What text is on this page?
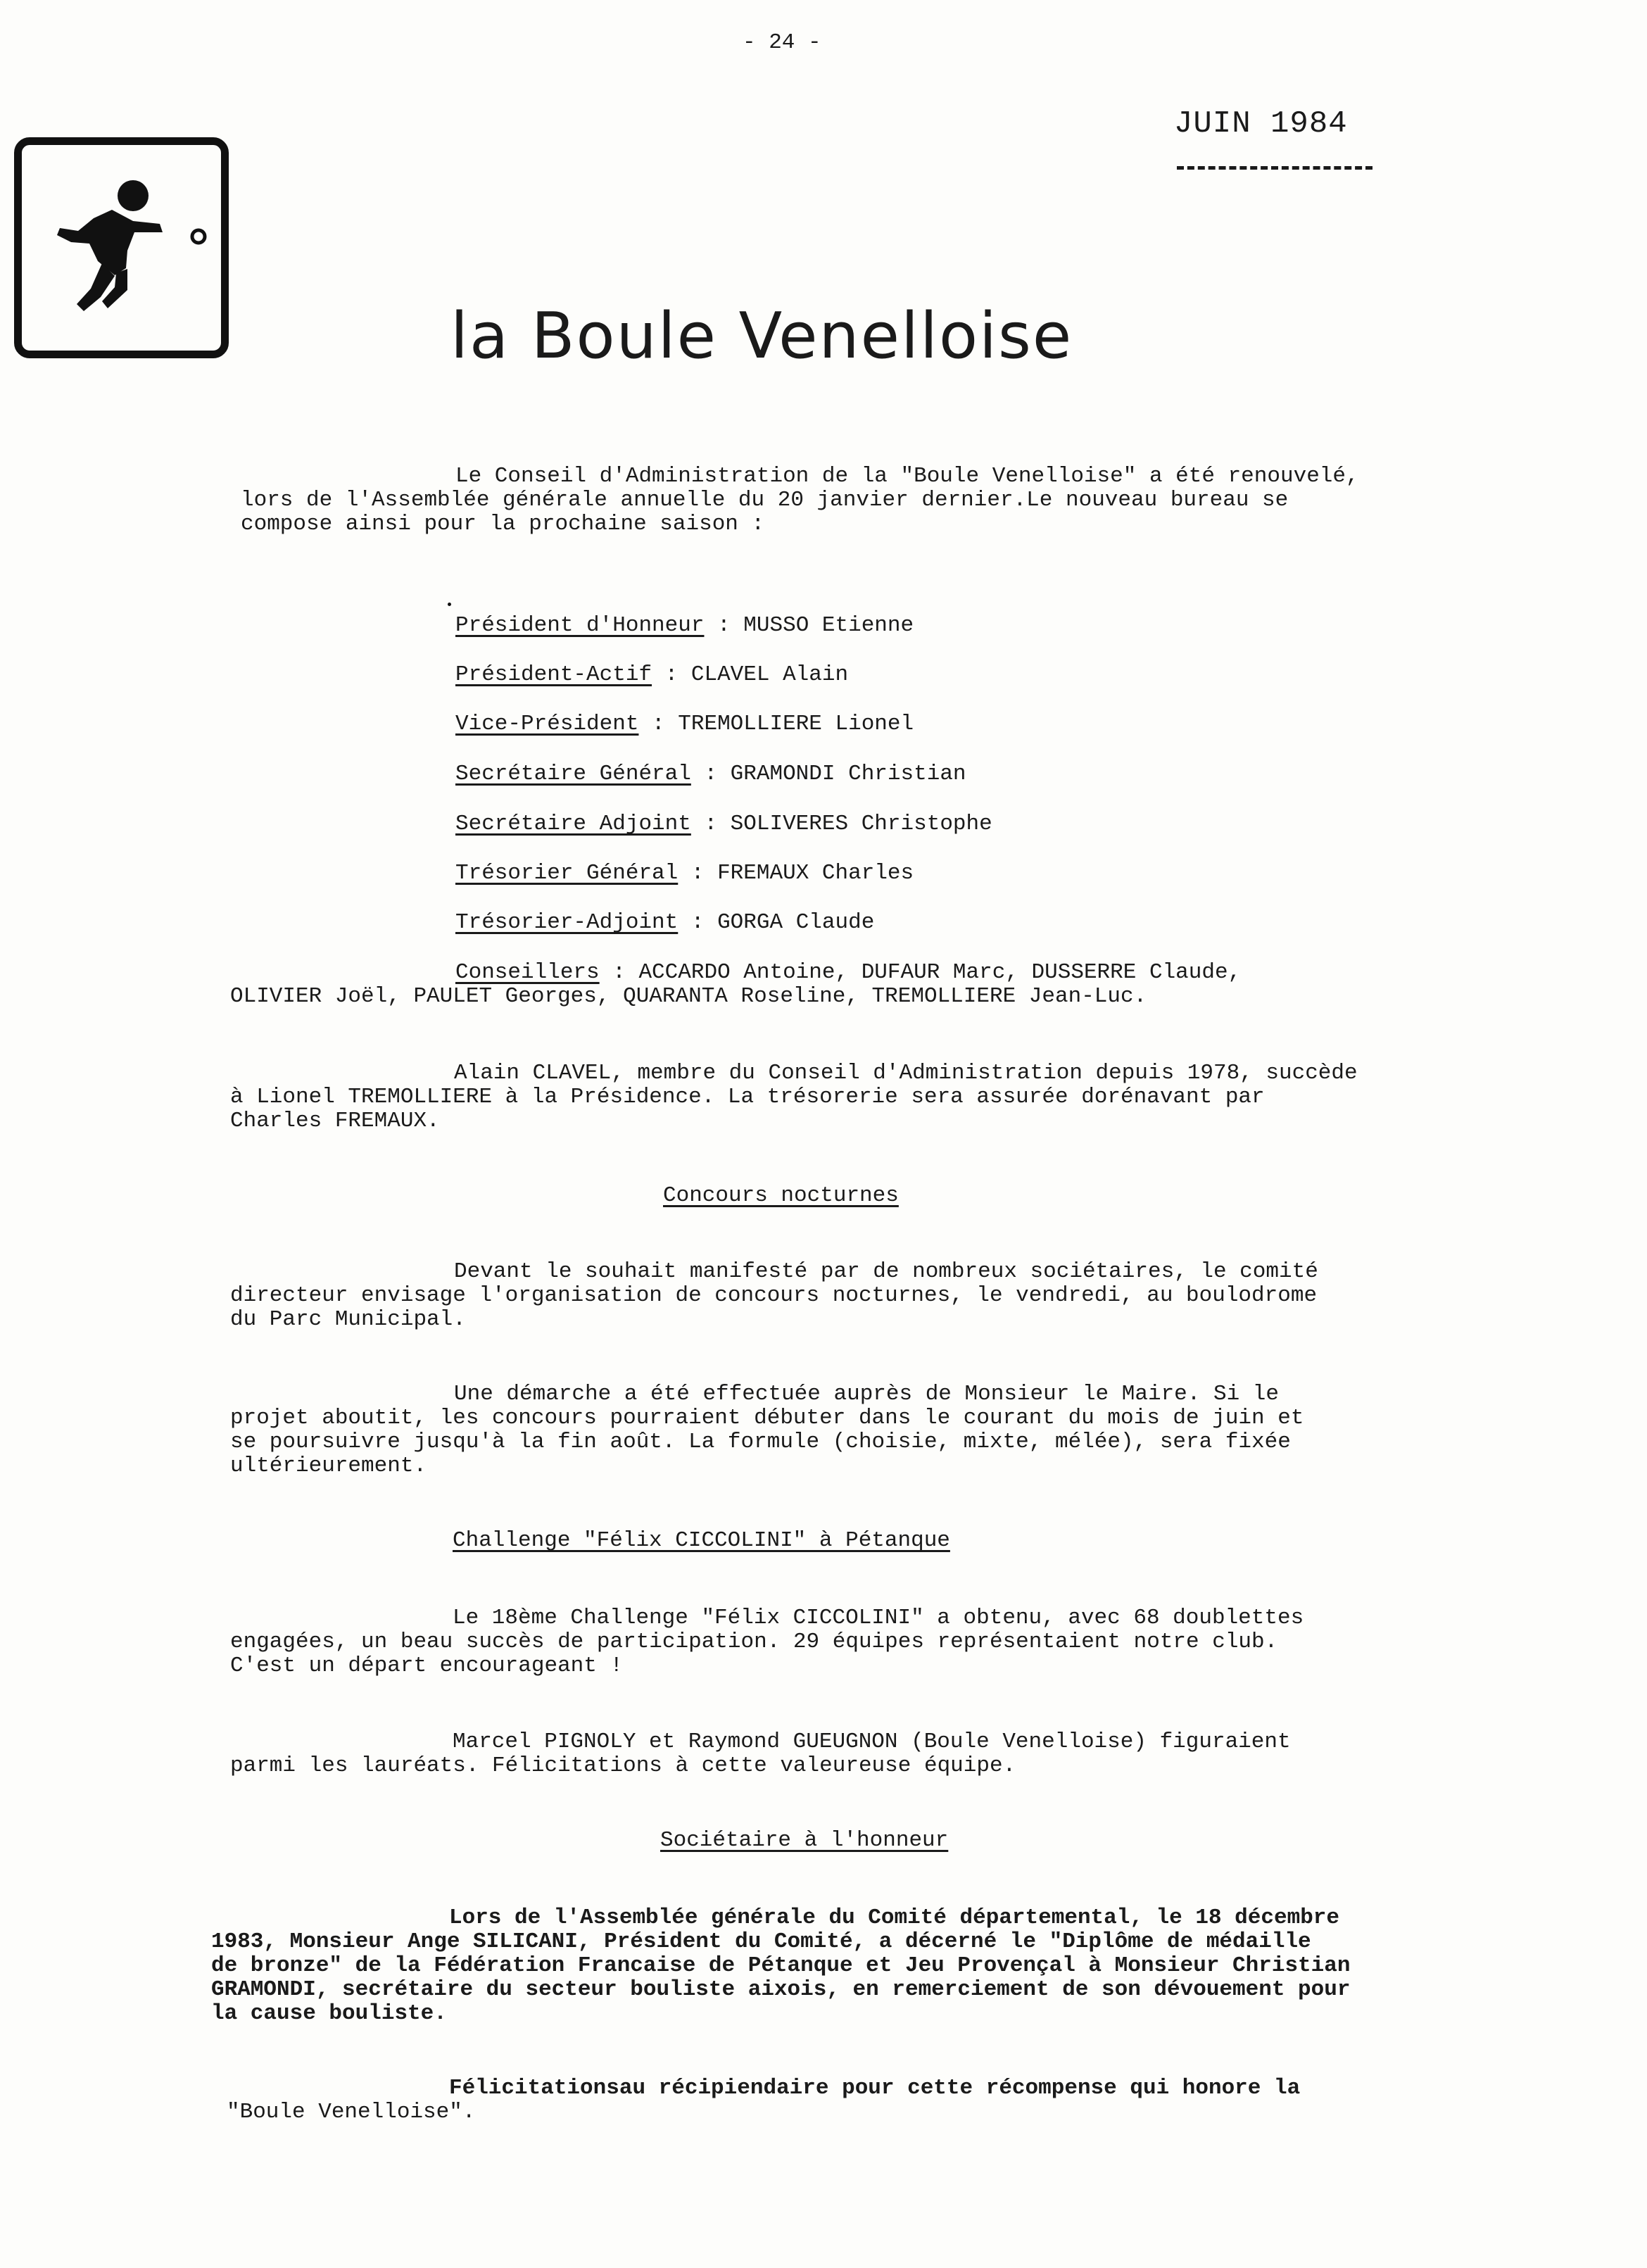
- 24 -
JUIN 1984
la Boule Venelloise
Le Conseil d'Administration de la "Boule Venelloise" a été renouvelé,
lors de l'Assemblée générale annuelle du 20 janvier dernier.Le nouveau bureau se
compose ainsi pour la prochaine saison :
Président d'Honneur : MUSSO Etienne
Président-Actif : CLAVEL Alain
Vice-Président : TREMOLLIERE Lionel
Secrétaire Général : GRAMONDI Christian
Secrétaire Adjoint : SOLIVERES Christophe
Trésorier Général : FREMAUX Charles
Trésorier-Adjoint : GORGA Claude
Conseillers : ACCARDO Antoine, DUFAUR Marc, DUSSERRE Claude,
OLIVIER Joël, PAULET Georges, QUARANTA Roseline, TREMOLLIERE Jean-Luc.
Alain CLAVEL, membre du Conseil d'Administration depuis 1978, succède
à Lionel TREMOLLIERE à la Présidence. La trésorerie sera assurée dorénavant par
Charles FREMAUX.
Concours nocturnes
Devant le souhait manifesté par de nombreux sociétaires, le comité
directeur envisage l'organisation de concours nocturnes, le vendredi, au boulodrome
du Parc Municipal.
Une démarche a été effectuée auprès de Monsieur le Maire. Si le
projet aboutit, les concours pourraient débuter dans le courant du mois de juin et
se poursuivre jusqu'à la fin août. La formule (choisie, mixte, mélée), sera fixée
ultérieurement.
Challenge "Félix CICCOLINI" à Pétanque
Le 18ème Challenge "Félix CICCOLINI" a obtenu, avec 68 doublettes
engagées, un beau succès de participation. 29 équipes représentaient notre club.
C'est un départ encourageant !
Marcel PIGNOLY et Raymond GUEUGNON (Boule Venelloise) figuraient
parmi les lauréats. Félicitations à cette valeureuse équipe.
Sociétaire à l'honneur
Lors de l'Assemblée générale du Comité départemental, le 18 décembre
1983, Monsieur Ange SILICANI, Président du Comité, a décerné le "Diplôme de médaille
de bronze" de la Fédération Francaise de Pétanque et Jeu Provençal à Monsieur Christian
GRAMONDI, secrétaire du secteur bouliste aixois, en remerciement de son dévouement pour
la cause bouliste.
Félicitationsau récipiendaire pour cette récompense qui honore la
"Boule Venelloise".
